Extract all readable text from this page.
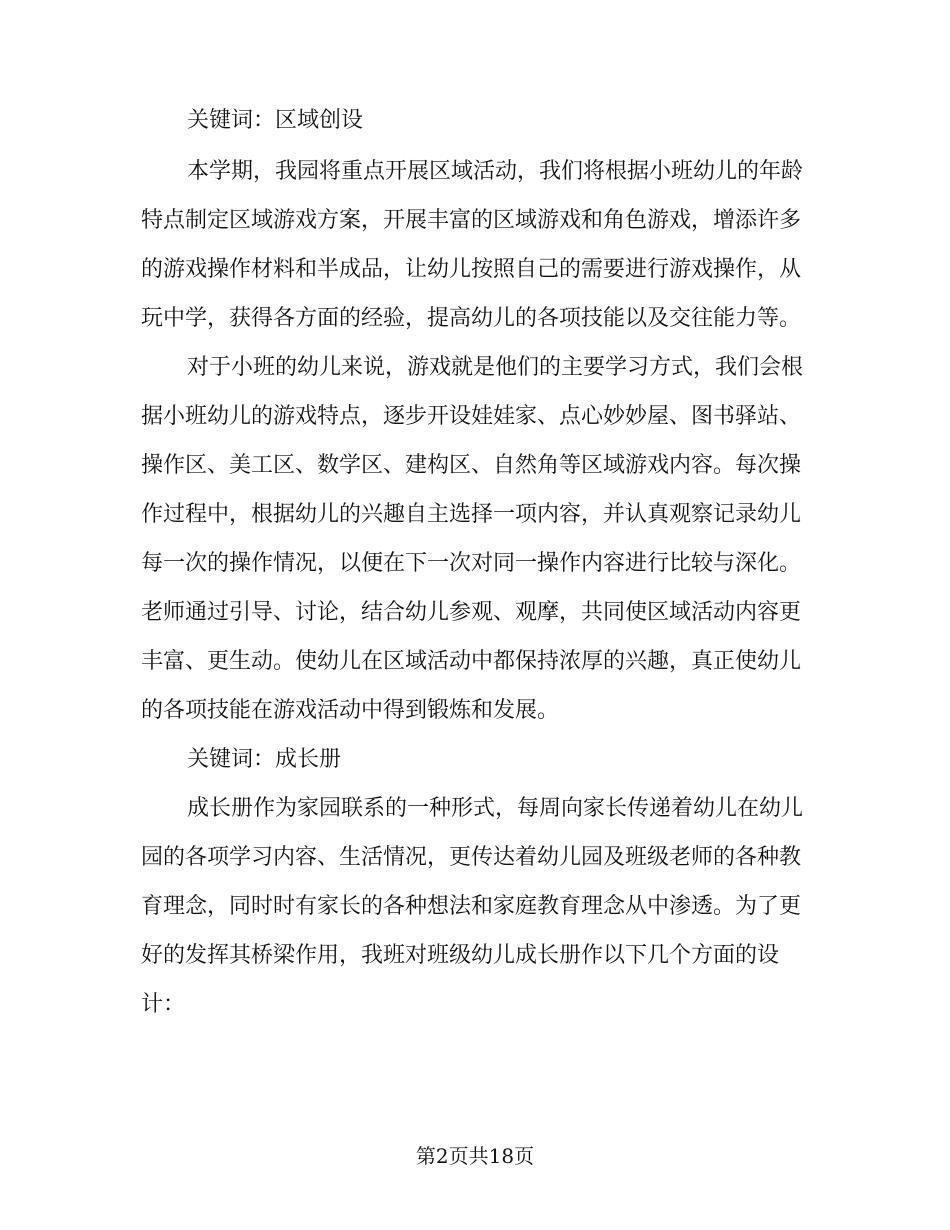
关键词：区域创设
本学期，我园将重点开展区域活动，我们将根据小班幼儿的年龄
特点制定区域游戏方案，开展丰富的区域游戏和角色游戏，增添许多
的游戏操作材料和半成品，让幼儿按照自己的需要进行游戏操作，从
玩中学，获得各方面的经验，提高幼儿的各项技能以及交往能力等。
对于小班的幼儿来说，游戏就是他们的主要学习方式，我们会根
据小班幼儿的游戏特点，逐步开设娃娃家、点心妙妙屋、图书驿站、
操作区、美工区、数学区、建构区、自然角等区域游戏内容。每次操
作过程中，根据幼儿的兴趣自主选择一项内容，并认真观察记录幼儿
每一次的操作情况，以便在下一次对同一操作内容进行比较与深化。
老师通过引导、讨论，结合幼儿参观、观摩，共同使区域活动内容更
丰富、更生动。使幼儿在区域活动中都保持浓厚的兴趣，真正使幼儿
的各项技能在游戏活动中得到锻炼和发展。
关键词：成长册
成长册作为家园联系的一种形式，每周向家长传递着幼儿在幼儿
园的各项学习内容、生活情况，更传达着幼儿园及班级老师的各种教
育理念，同时时有家长的各种想法和家庭教育理念从中渗透。为了更
好的发挥其桥梁作用，我班对班级幼儿成长册作以下几个方面的设
计：
第2页共18页
